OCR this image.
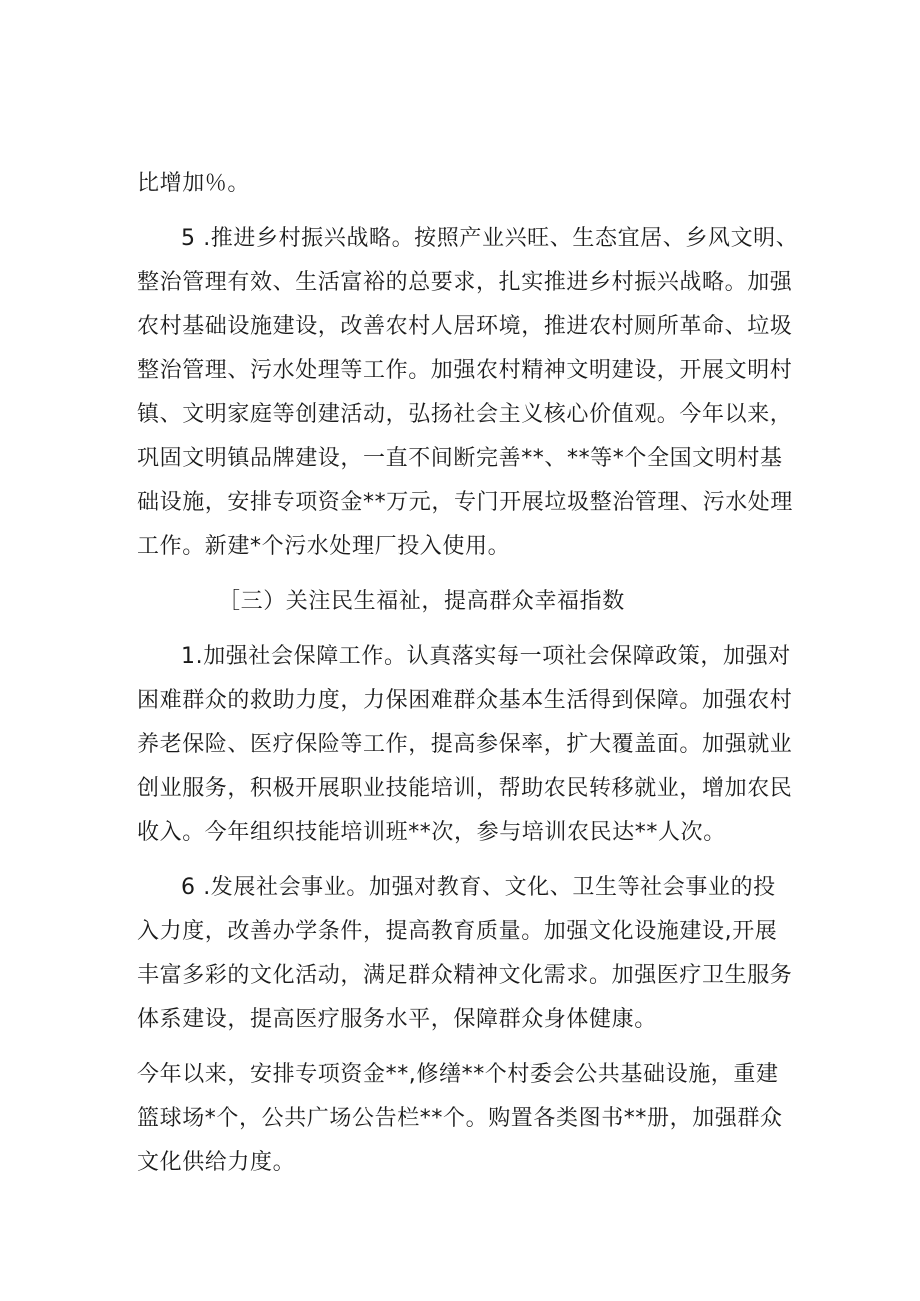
比增加％。
5 .推进乡村振兴战略。按照产业兴旺、生态宜居、乡风文明、
整治管理有效、生活富裕的总要求，扎实推进乡村振兴战略。加强
农村基础设施建设，改善农村人居环境，推进农村厕所革命、垃圾
整治管理、污水处理等工作。加强农村精神文明建设，开展文明村
镇、文明家庭等创建活动，弘扬社会主义核心价值观。今年以来，
巩固文明镇品牌建设，一直不间断完善**、**等*个全国文明村基
础设施，安排专项资金**万元，专门开展垃圾整治管理、污水处理
工作。新建*个污水处理厂投入使用。
［三）关注民生福祉，提高群众幸福指数
1.加强社会保障工作。认真落实每一项社会保障政策，加强对
困难群众的救助力度，力保困难群众基本生活得到保障。加强农村
养老保险、医疗保险等工作，提高参保率，扩大覆盖面。加强就业
创业服务，积极开展职业技能培训，帮助农民转移就业，增加农民
收入。今年组织技能培训班**次，参与培训农民达**人次。
6 .发展社会事业。加强对教育、文化、卫生等社会事业的投
入力度，改善办学条件，提高教育质量。加强文化设施建设,开展
丰富多彩的文化活动，满足群众精神文化需求。加强医疗卫生服务
体系建设，提高医疗服务水平，保障群众身体健康。
今年以来，安排专项资金**,修缮**个村委会公共基础设施，重建
篮球场*个，公共广场公告栏**个。购置各类图书**册，加强群众
文化供给力度。
